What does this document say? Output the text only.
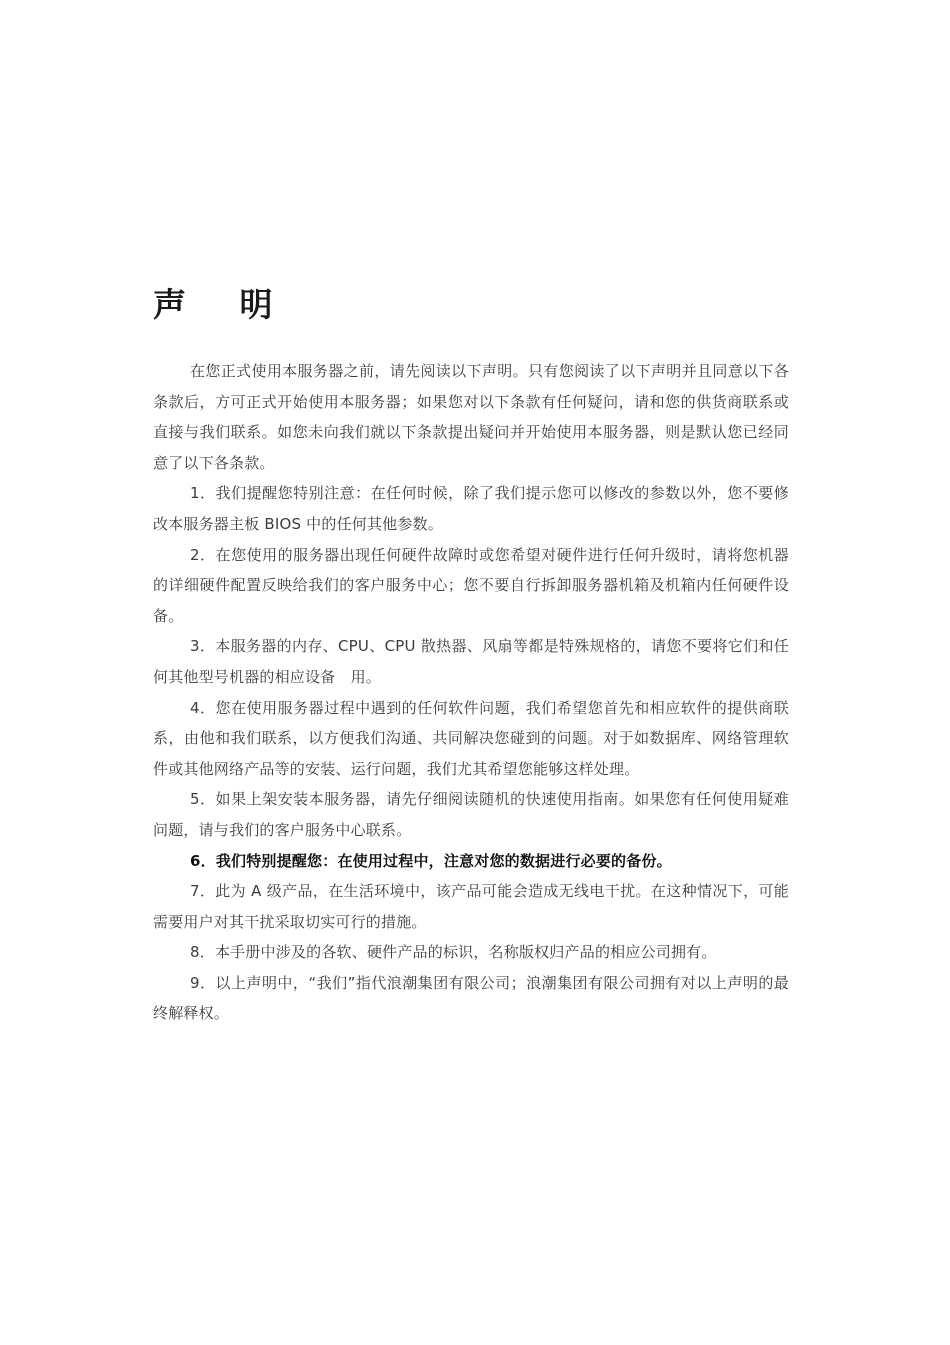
声 明

在您正式使用本服务器之前，请先阅读以下声明。只有您阅读了以下声明并且同意以下各条款后，方可正式开始使用本服务器；如果您对以下条款有任何疑问，请和您的供货商联系或直接与我们联系。如您未向我们就以下条款提出疑问并开始使用本服务器，则是默认您已经同意了以下各条款。

1．我们提醒您特别注意：在任何时候，除了我们提示您可以修改的参数以外，您不要修改本服务器主板 BIOS 中的任何其他参数。

2．在您使用的服务器出现任何硬件故障时或您希望对硬件进行任何升级时，请将您机器的详细硬件配置反映给我们的客户服务中心；您不要自行拆卸服务器机箱及机箱内任何硬件设备。

3．本服务器的内存、CPU、CPU 散热器、风扇等都是特殊规格的，请您不要将它们和任何其他型号机器的相应设备　用。

4．您在使用服务器过程中遇到的任何软件问题，我们希望您首先和相应软件的提供商联系，由他和我们联系，以方便我们沟通、共同解决您碰到的问题。对于如数据库、网络管理软件或其他网络产品等的安装、运行问题，我们尤其希望您能够这样处理。

5．如果上架安装本服务器，请先仔细阅读随机的快速使用指南。如果您有任何使用疑难问题，请与我们的客户服务中心联系。

6．我们特别提醒您：在使用过程中，注意对您的数据进行必要的备份。

7．此为 A 级产品，在生活环境中，该产品可能会造成无线电干扰。在这种情况下，可能需要用户对其干扰采取切实可行的措施。

8．本手册中涉及的各软、硬件产品的标识，名称版权归产品的相应公司拥有。

9．以上声明中，“我们”指代浪潮集团有限公司；浪潮集团有限公司拥有对以上声明的最终解释权。
